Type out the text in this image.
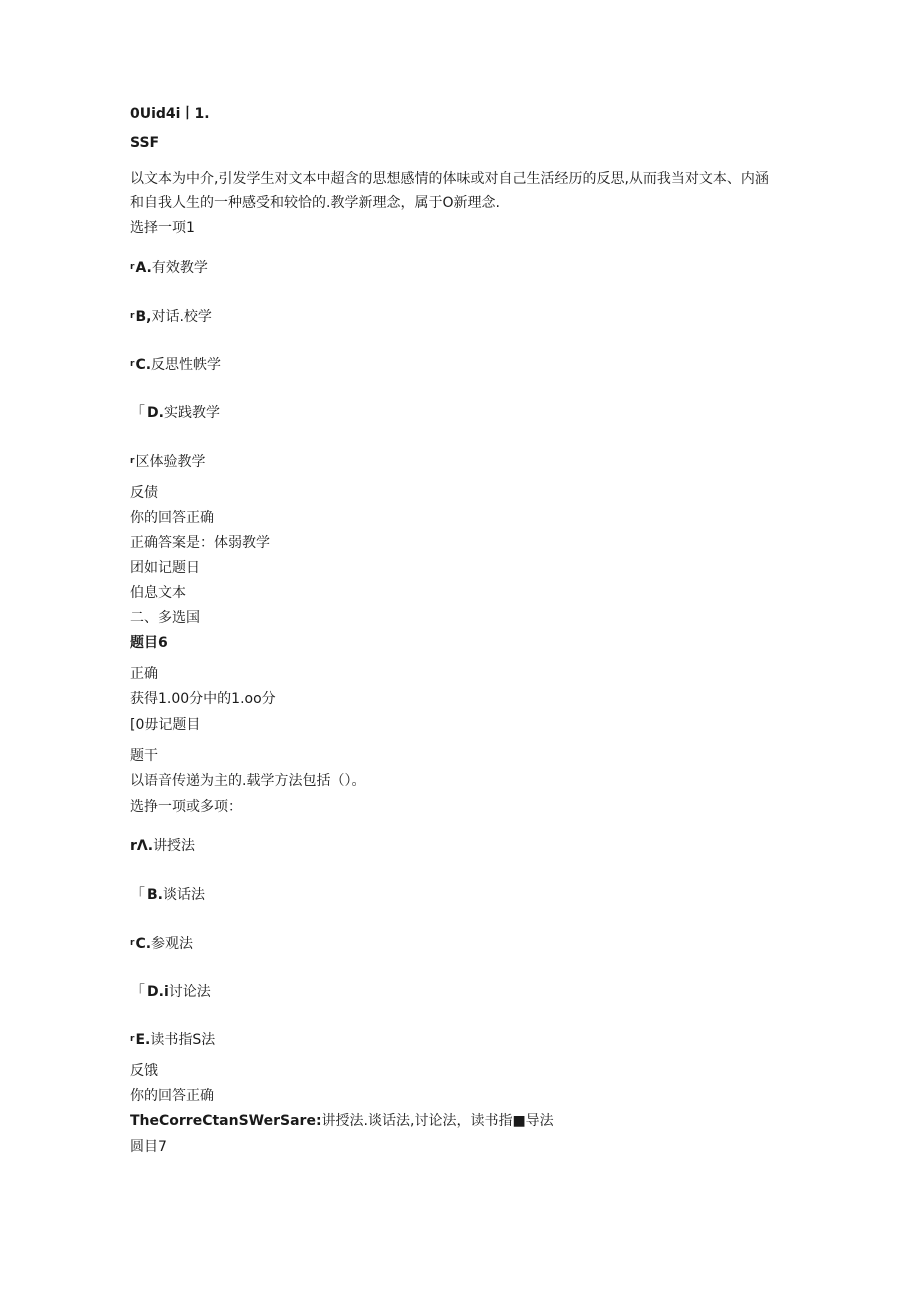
0Uid4i丨1.
SSF
以文本为中介,引发学生对文本中超含的思想感情的体味或对自己生活经历的反思,从而我当对文本、内涵和自我人生的一种感受和较恰的.教学新理念，属于O新理念.
选择一项1
$^r$A.有效教学
$^r$B,对话.校学
$^r$C.反思性帙学
「 D.实践教学
$^r$区体验教学
反债
你的回答正确
正确答案是：体弱教学
团如记题日
伯息文本
二、多选国
题目6
正确
获得1.00分中的1.oo分
[0毋记题目
题干
以语音传递为主的.载学方法包括（）。
选挣一项或多项：
rΛ.讲授法
「 B.谈话法
$^r$C.参观法
「 D.i讨论法
$^r$E.读书指S法
反饿
你的回答正确
TheCorreCtanSWerSare:讲授法.谈话法,讨论法，读书指■导法
圆目7
